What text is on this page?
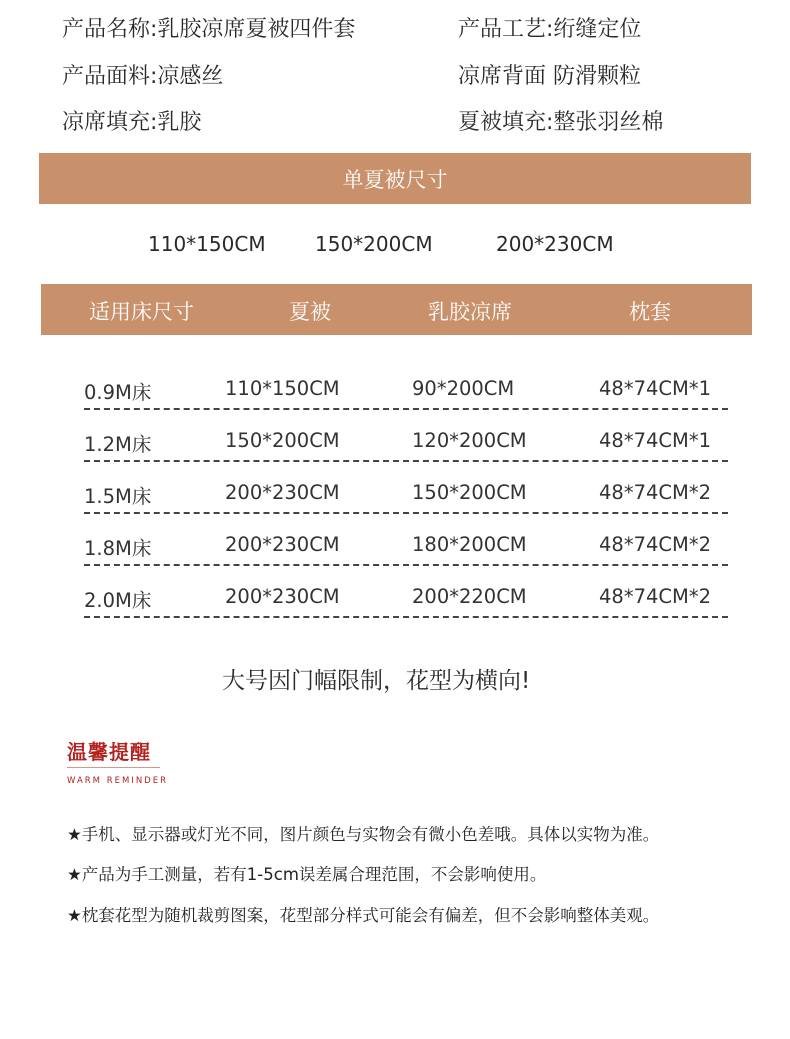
产品名称:乳胶凉席夏被四件套	产品工艺:绗缝定位
产品面料:凉感丝	凉席背面 防滑颗粒
凉席填充:乳胶	夏被填充:整张羽丝棉
单夏被尺寸
110*150CM 150*200CM	200*230CM
适用床尺寸	夏被	乳胶凉席	枕套
0.9M床	110*150CM	90*200CM	48*74CM*1
1.2M床	150*200CM	120*200CM	48*74CM*1
1.5M床	200*230CM	150*200CM	48*74CM*2
1.8M床	200*230CM	180*200CM	48*74CM*2
2.0M床	200*230CM	200*220CM	48*74CM*2
大号因门幅限制，花型为横向!
温馨提醒
WARM REMINDER
★手机、显示器或灯光不同，图片颜色与实物会有微小色差哦。具体以实物为准。
★产品为手工测量，若有1-5cm误差属合理范围，不会影响使用。
★枕套花型为随机裁剪图案，花型部分样式可能会有偏差，但不会影响整体美观。
